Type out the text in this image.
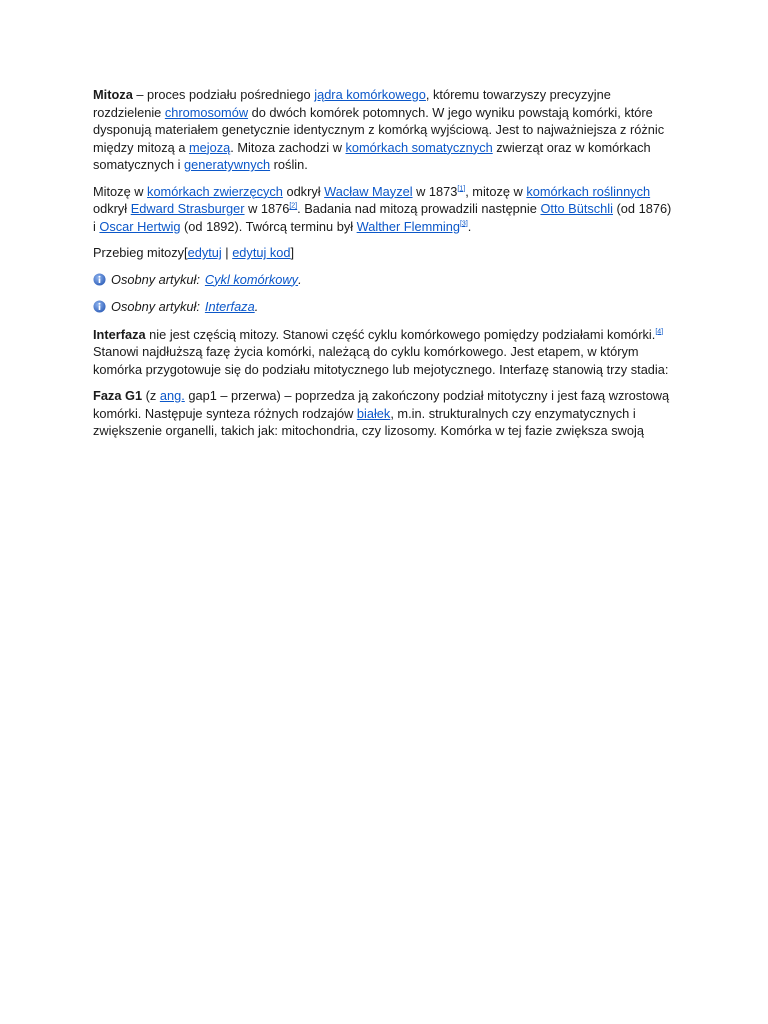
Mitoza – proces podziału pośredniego jądra komórkowego, któremu towarzyszy precyzyjne rozdzielenie chromosomów do dwóch komórek potomnych. W jego wyniku powstają komórki, które dysponują materiałem genetycznie identycznym z komórką wyjściową. Jest to najważniejsza z różnic między mitozą a mejozą. Mitoza zachodzi w komórkach somatycznych zwierząt oraz w komórkach somatycznych i generatywnych roślin.

Mitozę w komórkach zwierzęcych odkrył Wacław Mayzel w 1873[1], mitozę w komórkach roślinnych odkrył Edward Strasburger w 1876[2]. Badania nad mitozą prowadzili następnie Otto Bütschli (od 1876) i Oscar Hertwig (od 1892). Twórcą terminu był Walther Flemming[3].

Przebieg mitozy[edytuj | edytuj kod]

Osobny artykuł: Cykl komórkowy .
Osobny artykuł: Interfaza .

Interfaza nie jest częścią mitozy. Stanowi część cyklu komórkowego pomiędzy podziałami komórki.[4] Stanowi najdłuższą fazę życia komórki, należącą do cyklu komórkowego. Jest etapem, w którym komórka przygotowuje się do podziału mitotycznego lub mejotycznego. Interfazę stanowią trzy stadia:

Faza G1 (z ang. gap1 – przerwa) – poprzedza ją zakończony podział mitotyczny i jest fazą wzrostową komórki. Następuje synteza różnych rodzajów białek, m.in. strukturalnych czy enzymatycznych i zwiększenie organelli, takich jak: mitochondria, czy lizosomy. Komórka w tej fazie zwiększa swoją
